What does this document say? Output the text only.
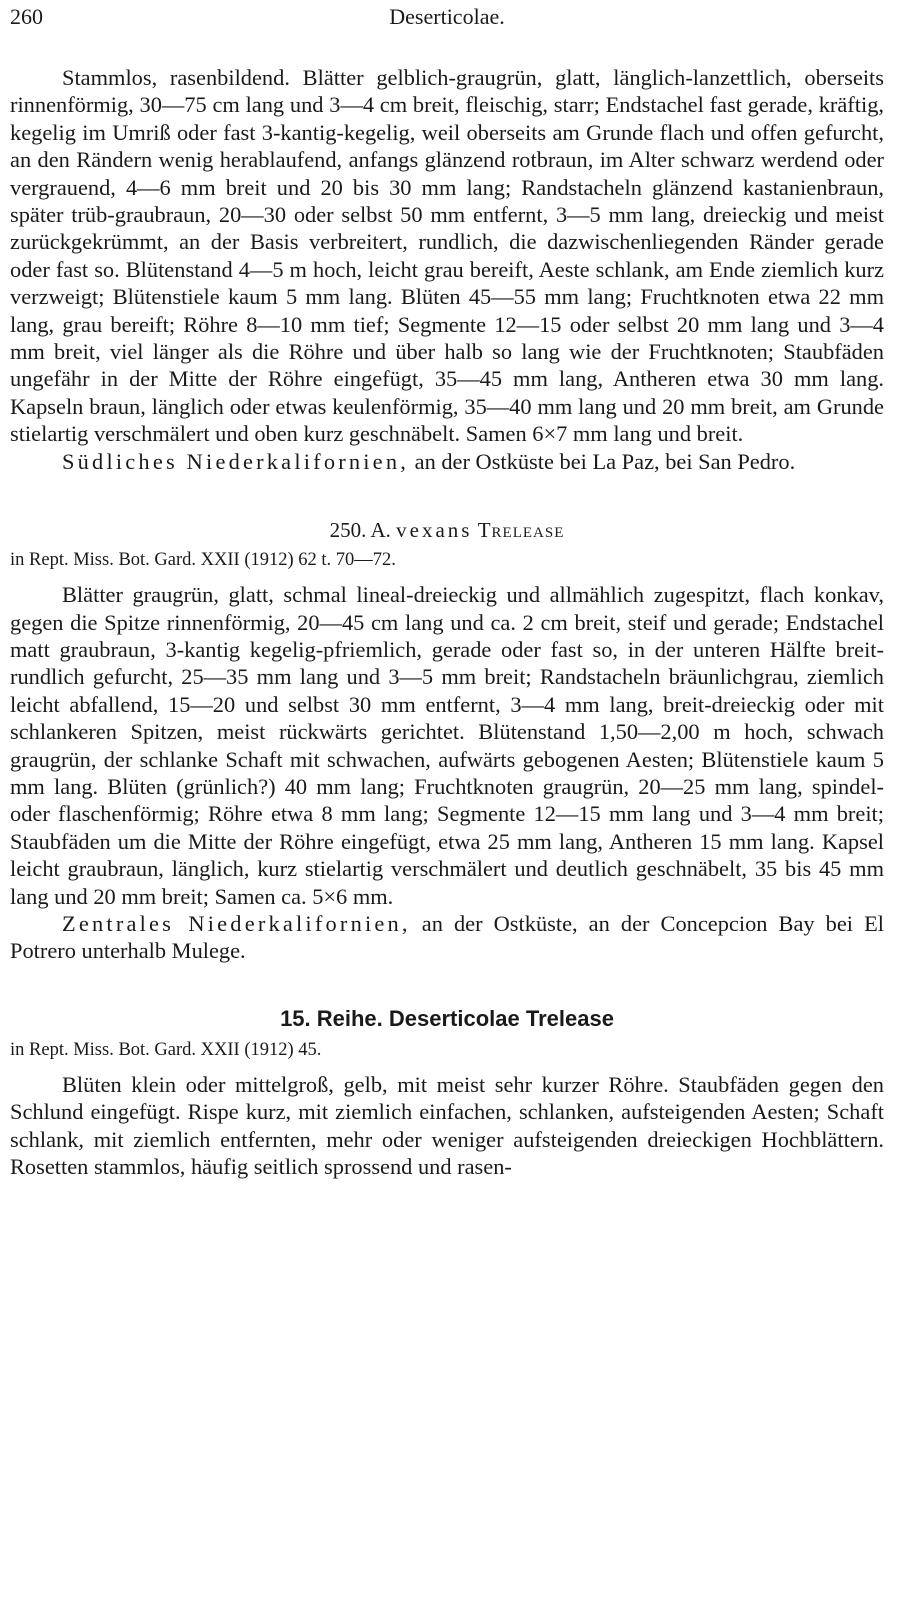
260	Deserticolae.

Stammlos, rasenbildend. Blätter gelblich-graugrün, glatt, länglich-lanzettlich, oberseits rinnenförmig, 30—75 cm lang und 3—4 cm breit, fleischig, starr; Endstachel fast gerade, kräftig, kegelig im Umriß oder fast 3-kantig-kegelig, weil oberseits am Grunde flach und offen gefurcht, an den Rändern wenig herablaufend, anfangs glänzend rotbraun, im Alter schwarz werdend oder vergrauend, 4—6 mm breit und 20 bis 30 mm lang; Randstacheln glänzend kastanienbraun, später trüb-graubraun, 20—30 oder selbst 50 mm entfernt, 3—5 mm lang, dreieckig und meist zurückgekrümmt, an der Basis verbreitert, rundlich, die dazwischenliegenden Ränder gerade oder fast so. Blütenstand 4—5 m hoch, leicht grau bereift, Aeste schlank, am Ende ziemlich kurz verzweigt; Blütenstiele kaum 5 mm lang. Blüten 45—55 mm lang; Fruchtknoten etwa 22 mm lang, grau bereift; Röhre 8—10 mm tief; Segmente 12—15 oder selbst 20 mm lang und 3—4 mm breit, viel länger als die Röhre und über halb so lang wie der Fruchtknoten; Staubfäden ungefähr in der Mitte der Röhre eingefügt, 35—45 mm lang, Antheren etwa 30 mm lang. Kapseln braun, länglich oder etwas keulenförmig, 35—40 mm lang und 20 mm breit, am Grunde stielartig verschmälert und oben kurz geschnäbelt. Samen 6×7 mm lang und breit.

Südliches Niederkalifornien, an der Ostküste bei La Paz, bei San Pedro.

250. A. vexans Trelease
in Rept. Miss. Bot. Gard. XXII (1912) 62 t. 70—72.

Blätter graugrün, glatt, schmal lineal-dreieckig und allmählich zugespitzt, flach konkav, gegen die Spitze rinnenförmig, 20—45 cm lang und ca. 2 cm breit, steif und gerade; Endstachel matt graubraun, 3-kantig kegelig-pfriemlich, gerade oder fast so, in der unteren Hälfte breit-rundlich gefurcht, 25—35 mm lang und 3—5 mm breit; Randstacheln bräunlichgrau, ziemlich leicht abfallend, 15—20 und selbst 30 mm entfernt, 3—4 mm lang, breit-dreieckig oder mit schlankeren Spitzen, meist rückwärts gerichtet. Blütenstand 1,50—2,00 m hoch, schwach graugrün, der schlanke Schaft mit schwachen, aufwärts gebogenen Aesten; Blütenstiele kaum 5 mm lang. Blüten (grünlich?) 40 mm lang; Fruchtknoten graugrün, 20—25 mm lang, spindel- oder flaschenförmig; Röhre etwa 8 mm lang; Segmente 12—15 mm lang und 3—4 mm breit; Staubfäden um die Mitte der Röhre eingefügt, etwa 25 mm lang, Antheren 15 mm lang. Kapsel leicht graubraun, länglich, kurz stielartig verschmälert und deutlich geschnäbelt, 35 bis 45 mm lang und 20 mm breit; Samen ca. 5×6 mm.

Zentrales Niederkalifornien, an der Ostküste, an der Concepcion Bay bei El Potrero unterhalb Mulege.

15. Reihe. Deserticolae Trelease
in Rept. Miss. Bot. Gard. XXII (1912) 45.

Blüten klein oder mittelgroß, gelb, mit meist sehr kurzer Röhre. Staubfäden gegen den Schlund eingefügt. Rispe kurz, mit ziemlich einfachen, schlanken, aufsteigenden Aesten; Schaft schlank, mit ziemlich entfernten, mehr oder weniger aufsteigenden dreieckigen Hochblättern. Rosetten stammlos, häufig seitlich sprossend und rasen-
